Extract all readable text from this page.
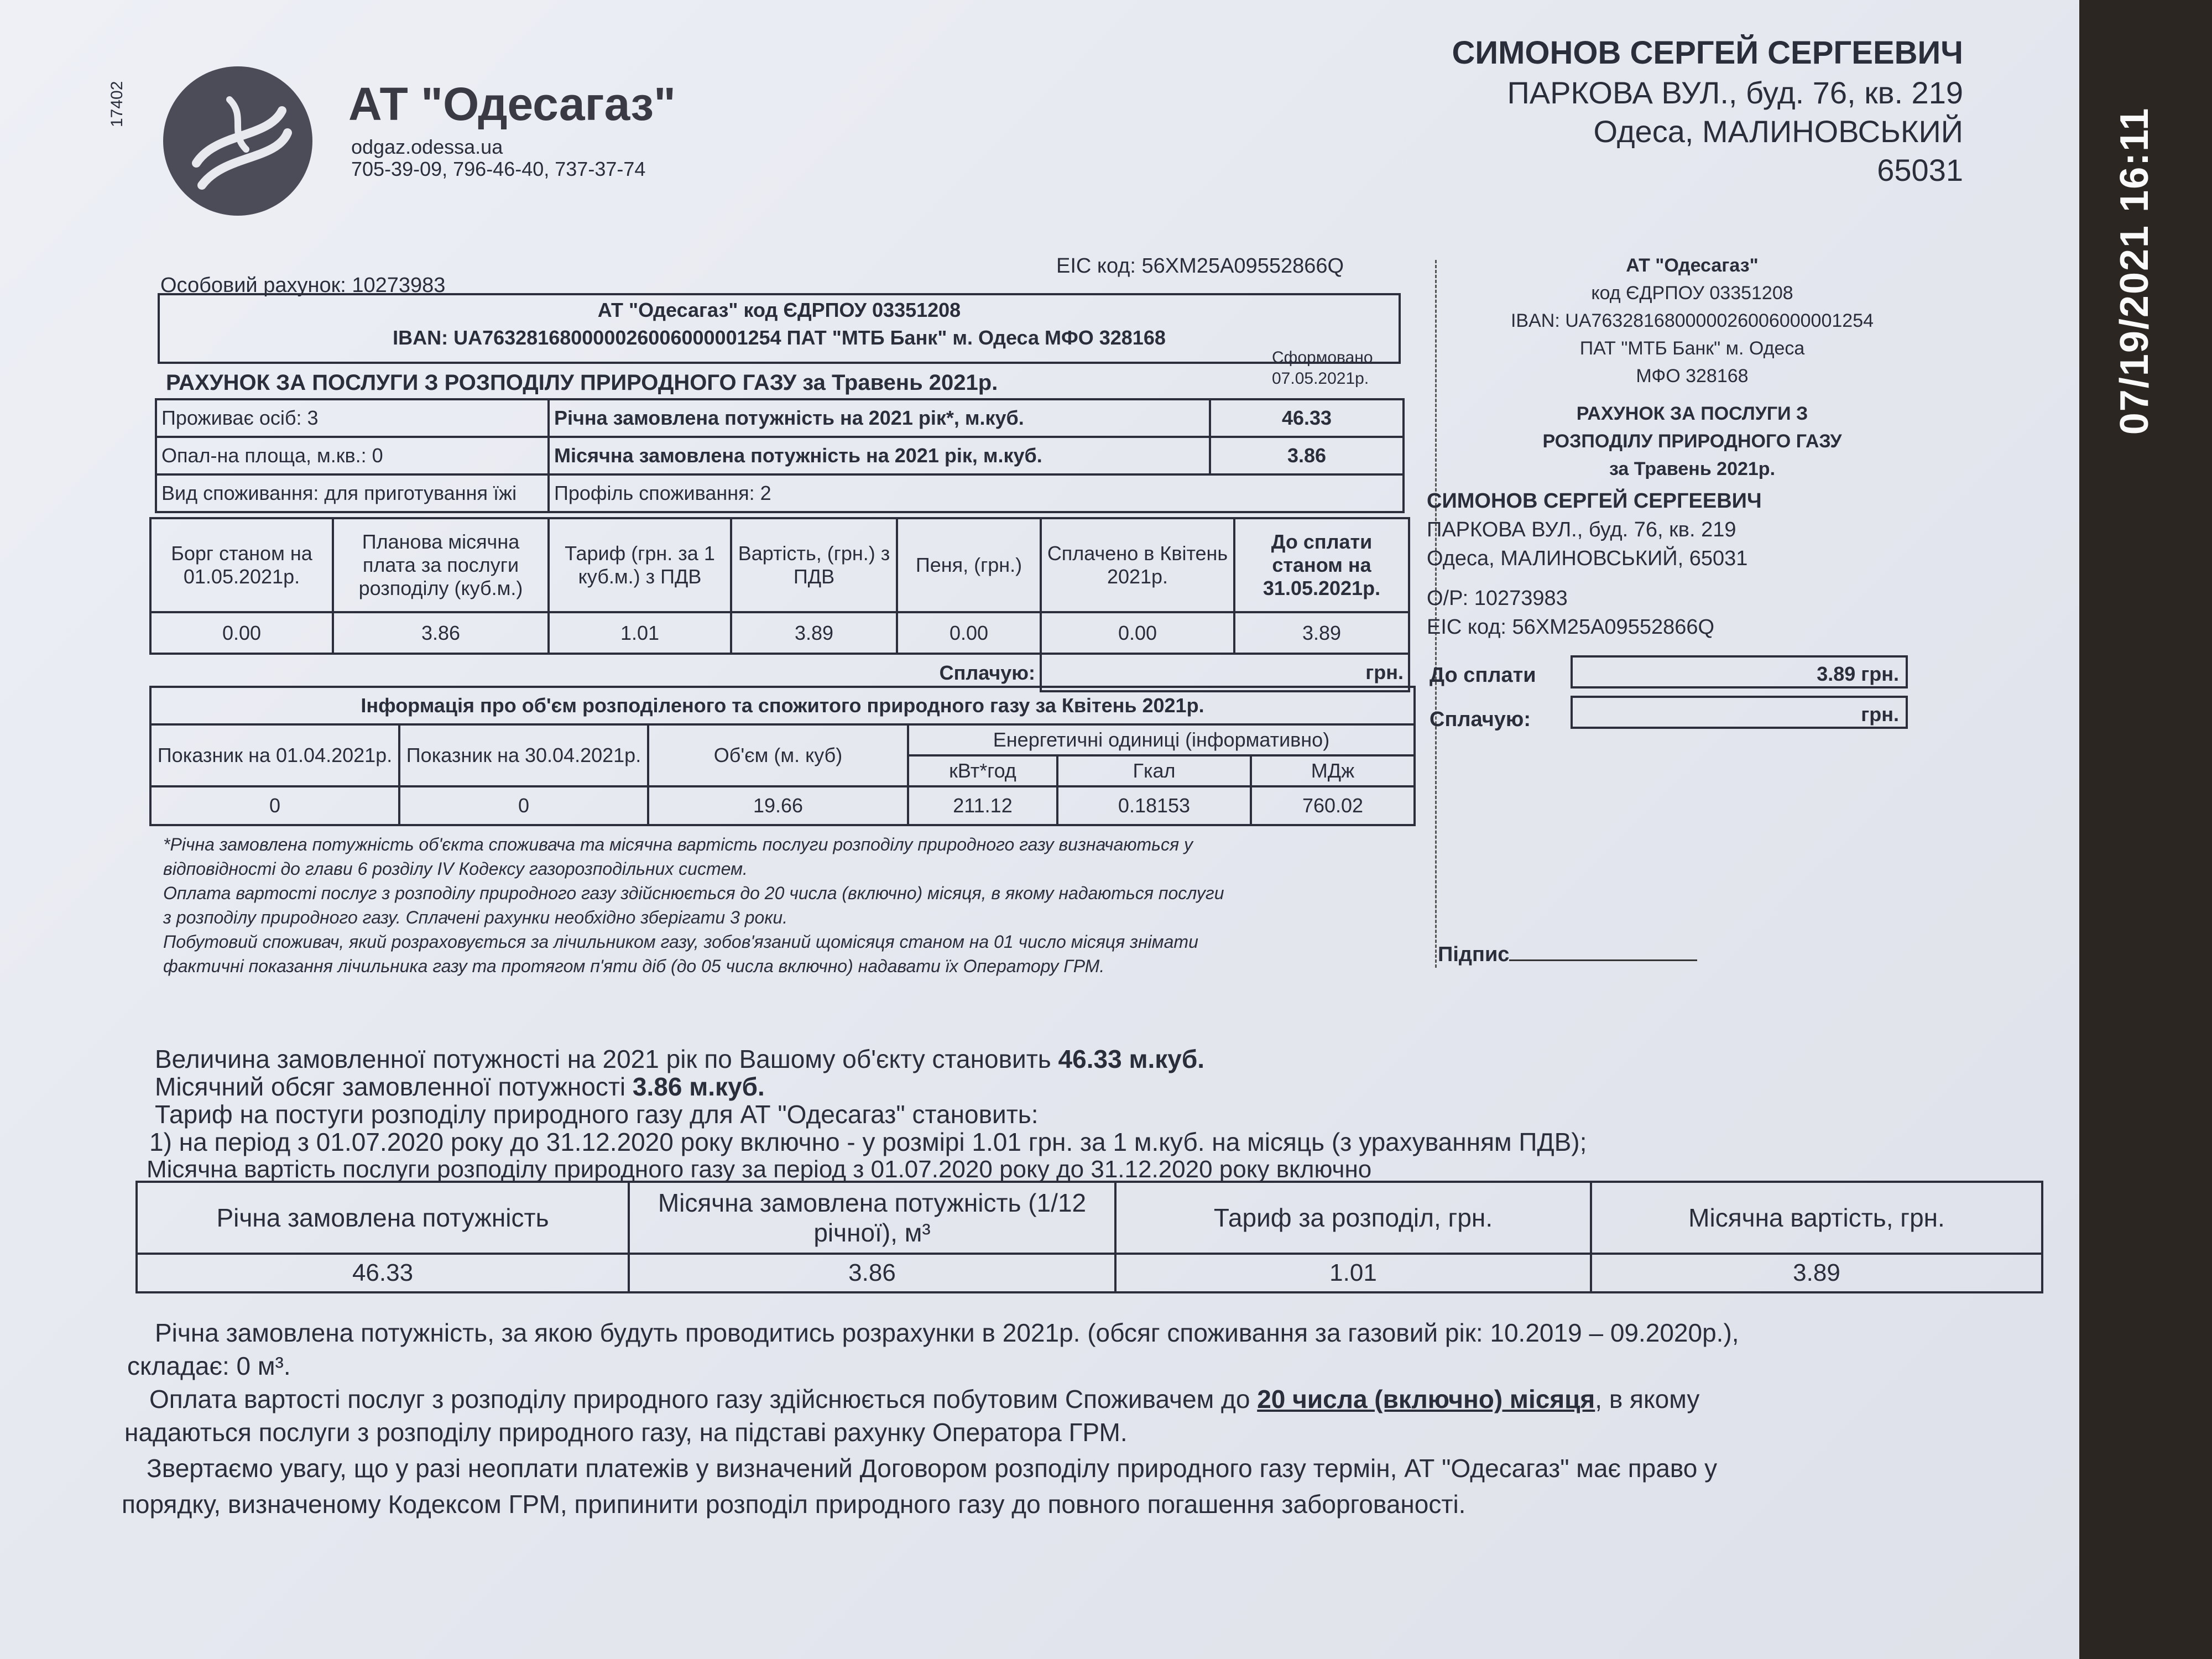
17402	АТ "Одесагаз"
odgaz.odessa.ua
705-39-09, 796-46-40, 737-37-74
СИМОНОВ СЕРГЕЙ СЕРГЕЕВИЧ
ПАРКОВА ВУЛ., буд. 76, кв. 219
Одеса, МАЛИНОВСЬКИЙ
65031
Особовий рахунок: 10273983
EIC код: 56XM25A09552866Q
АТ "Одесагаз" код ЄДРПОУ 03351208
IBAN: UA763281680000026006000001254 ПАТ "МТБ Банк" м. Одеса МФО 328168
РАХУНОК ЗА ПОСЛУГИ З РОЗПОДІЛУ ПРИРОДНОГО ГАЗУ за Травень 2021р.
Сформовано
07.05.2021р.
Проживає осіб: 3	Річна замовлена потужність на 2021 рік*, м.куб.	46.33
Опал-на площа, м.кв.: 0	Місячна замовлена потужність на 2021 рік, м.куб.	3.86
Вид споживання: для приготування їжі	Профіль споживання: 2	
Борг станом на 01.05.2021р.	Планова місячна плата за послуги розподілу (куб.м.)	Тариф (грн. за 1 куб.м.) з ПДВ	Вартість, (грн.) з ПДВ	Пеня, (грн.)	Сплачено в Квітень 2021р.	До сплати станом на 31.05.2021р.
0.00	3.86	1.01	3.89	0.00	0.00	3.89
Сплачую:					грн.	
Інформація про об'єм розподіленого та спожитого природного газу за Квітень 2021р.					
Показник на 01.04.2021р.	Показник на 30.04.2021р.	Об'єм (м. куб)	Енергетичні одиниці (інформативно)		
			кВт*год	Гкал	МДж
0	0	19.66	211.12	0.18153	760.02
*Річна замовлена потужність об'єкта споживача та місячна вартість послуги розподілу природного газу визначаються у
відповідності до глави 6 розділу IV Кодексу газорозподільних систем.
Оплата вартості послуг з розподілу природного газу здійснюється до 20 числа (включно) місяця, в якому надаються послуги
з розподілу природного газу. Сплачені рахунки необхідно зберігати 3 роки.
Побутовий споживач, який розраховується за лічильником газу, зобов'язаний щомісяця станом на 01 число місяця знімати
фактичні показання лічильника газу та протягом п'яти діб (до 05 числа включно) надавати їх Оператору ГРМ.
АТ "Одесагаз"
код ЄДРПОУ 03351208
IBAN: UA763281680000026006000001254
ПАТ "МТБ Банк" м. Одеса
МФО 328168
РАХУНОК ЗА ПОСЛУГИ З
РОЗПОДІЛУ ПРИРОДНОГО ГАЗУ
за Травень 2021р.
СИМОНОВ СЕРГЕЙ СЕРГЕЕВИЧ
ПАРКОВА ВУЛ., буд. 76, кв. 219
Одеса, МАЛИНОВСЬКИЙ, 65031
О/Р: 10273983
EIC код: 56XM25A09552866Q
До сплати	3.89 грн.
Сплачую:	грн.
Підпис
Величина замовленної потужності на 2021 рік по Вашому об'єкту становить 46.33 м.куб.
Місячний обсяг замовленної потужності 3.86 м.куб.
Тариф на постуги розподілу природного газу для АТ "Одесагаз" становить:
1) на період з 01.07.2020 року до 31.12.2020 року включно - у розмірі 1.01 грн. за 1 м.куб. на місяць (з урахуванням ПДВ);
Місячна вартість послуги розподілу природного газу за період з 01.07.2020 року до 31.12.2020 року включно
Річна замовлена потужність	Місячна замовлена потужність (1/12 річної), м³	Тариф за розподіл, грн.	Місячна вартість, грн.
46.33	3.86	1.01	3.89
Річна замовлена потужність, за якою будуть проводитись розрахунки в 2021р. (обсяг споживання за газовий рік: 10.2019 – 09.2020р.),
складає: 0 м³.
Оплата вартості послуг з розподілу природного газу здійснюється побутовим Споживачем до 20 числа (включно) місяця, в якому
надаються послуги з розподілу природного газу, на підставі рахунку Оператора ГРМ.
Звертаємо увагу, що у разі неоплати платежів у визначений Договором розподілу природного газу термін, АТ "Одесагаз" має право у
порядку, визначеному Кодексом ГРМ, припинити розподіл природного газу до повного погашення заборгованості.
07/19/2021 16:11
